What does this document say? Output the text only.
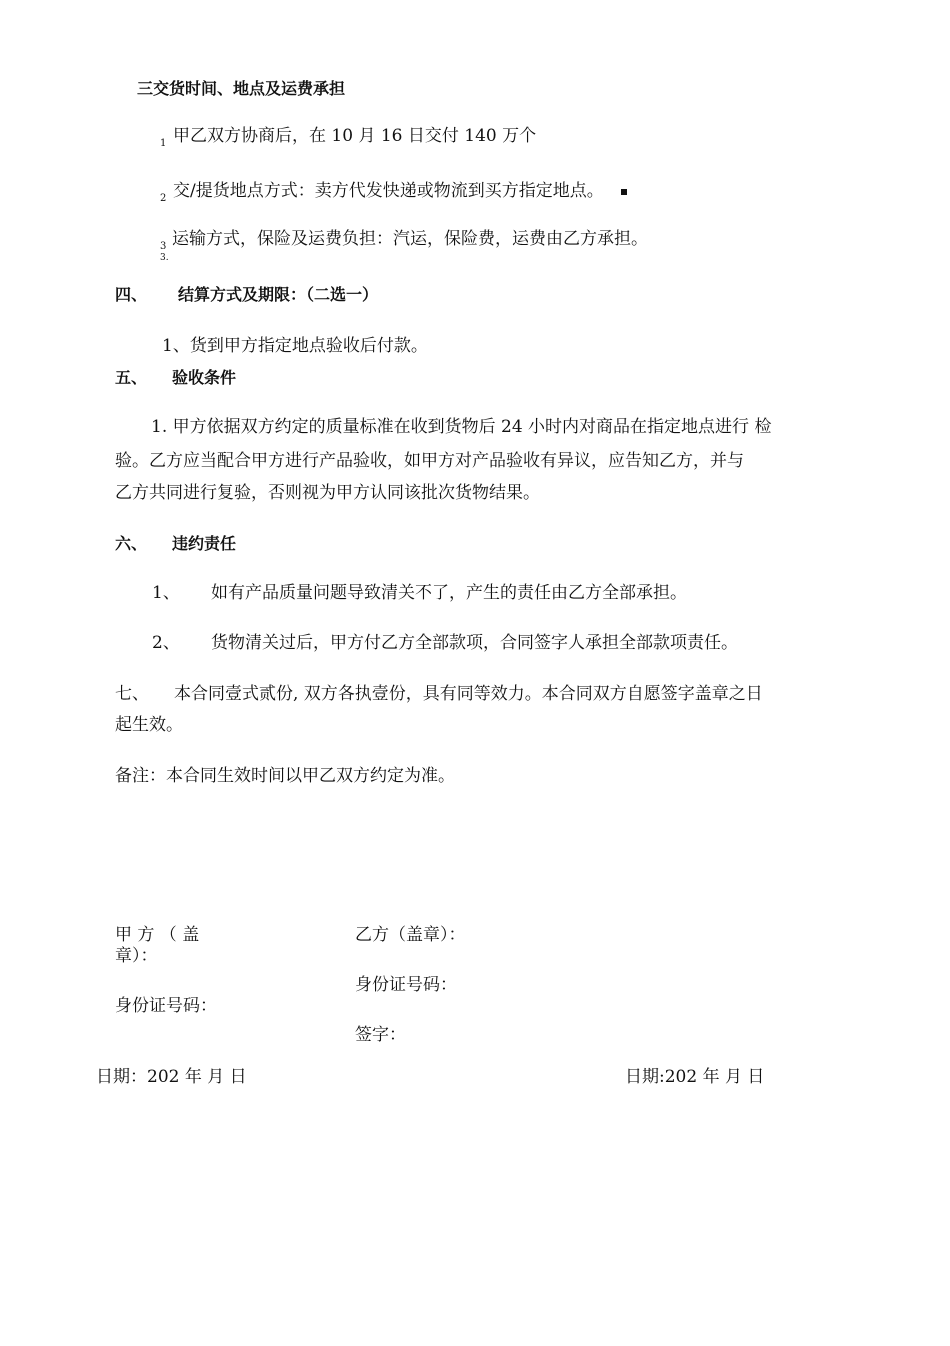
三交货时间、地点及运费承担
1 甲乙双方协商后，在 10 月 16 日交付 140 万个
2 交/提货地点方式：卖方代发快递或物流到买方指定地点。
3
3.
运输方式，保险及运费负担：汽运，保险费，运费由乙方承担。
四、 结算方式及期限：（二选一）
1、货到甲方指定地点验收后付款。
五、 验收条件
1. 甲方依据双方约定的质量标准在收到货物后 24 小时内对商品在指定地点进行 检
验。乙方应当配合甲方进行产品验收，如甲方对产品验收有异议，应告知乙方，并与
乙方共同进行复验，否则视为甲方认同该批次货物结果。
六、 违约责任
1、 如有产品质量问题导致清关不了，产生的责任由乙方全部承担。
2、 货物清关过后，甲方付乙方全部款项，合同签字人承担全部款项责任。
七、 本合同壹式贰份, 双方各执壹份，具有同等效力。本合同双方自愿签字盖章之日
起生效。
备注：本合同生效时间以甲乙双方约定为准。
甲 方 （ 盖
章）：
身份证号码：
乙方（盖章）：
身份证号码：
签字：
日期：202 年 月 日	日期:202 年 月 日
